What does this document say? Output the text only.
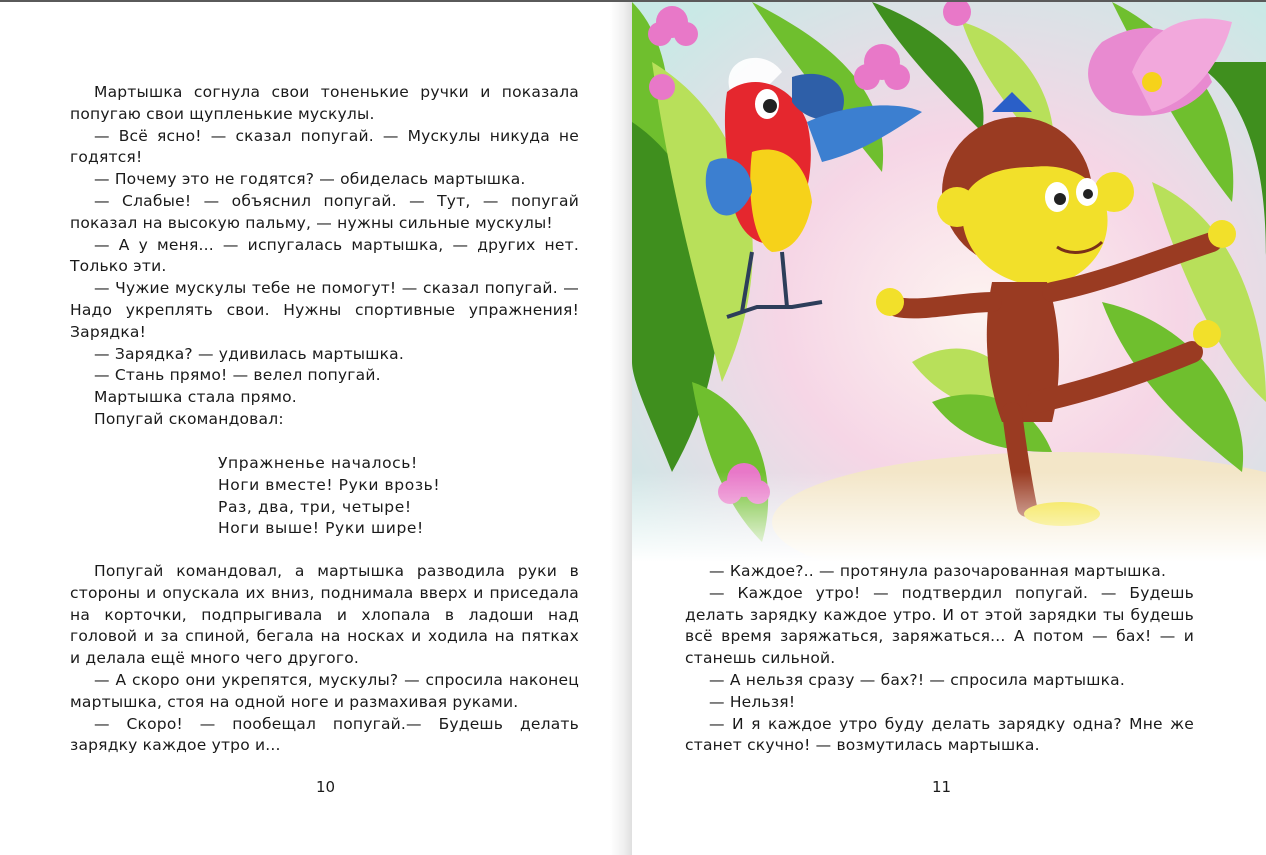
Мартышка согнула свои тоненькие ручки и показала попугаю свои щупленькие мускулы.

— Всё ясно! — сказал попугай. — Мускулы никуда не годятся!

— Почему это не годятся? — обиделась мартышка.

— Слабые! — объяснил попугай. — Тут, — попугай показал на высокую пальму, — нужны сильные мускулы!

— А у меня... — испугалась мартышка, — других нет. Только эти.

— Чужие мускулы тебе не помогут! — сказал попугай. — Надо укреплять свои. Нужны спортивные упражнения! Зарядка!

— Зарядка? — удивилась мартышка.

— Стань прямо! — велел попугай.

Мартышка стала прямо.

Попугай скомандовал:

Упражненье началось!
Ноги вместе! Руки врозь!
Раз, два, три, четыре!
Ноги выше! Руки шире!

Попугай командовал, а мартышка разводила руки в стороны и опускала их вниз, поднимала вверх и приседала на корточки, подпрыгивала и хлопала в ладоши над головой и за спиной, бегала на носках и ходила на пятках и делала ещё много чего другого.

— А скоро они укрепятся, мускулы? — спросила наконец мартышка, стоя на одной ноге и размахивая руками.

— Скоро! — пообещал попугай.— Будешь делать зарядку каждое утро и...

10

— Каждое?.. — протянула разочарованная мартышка.

— Каждое утро! — подтвердил попугай. — Будешь делать зарядку каждое утро. И от этой зарядки ты будешь всё время заряжаться, заряжаться... А потом — бах! — и станешь сильной.

— А нельзя сразу — бах?! — спросила мартышка.

— Нельзя!

— И я каждое утро буду делать зарядку одна? Мне же станет скучно! — возмутилась мартышка.

11
